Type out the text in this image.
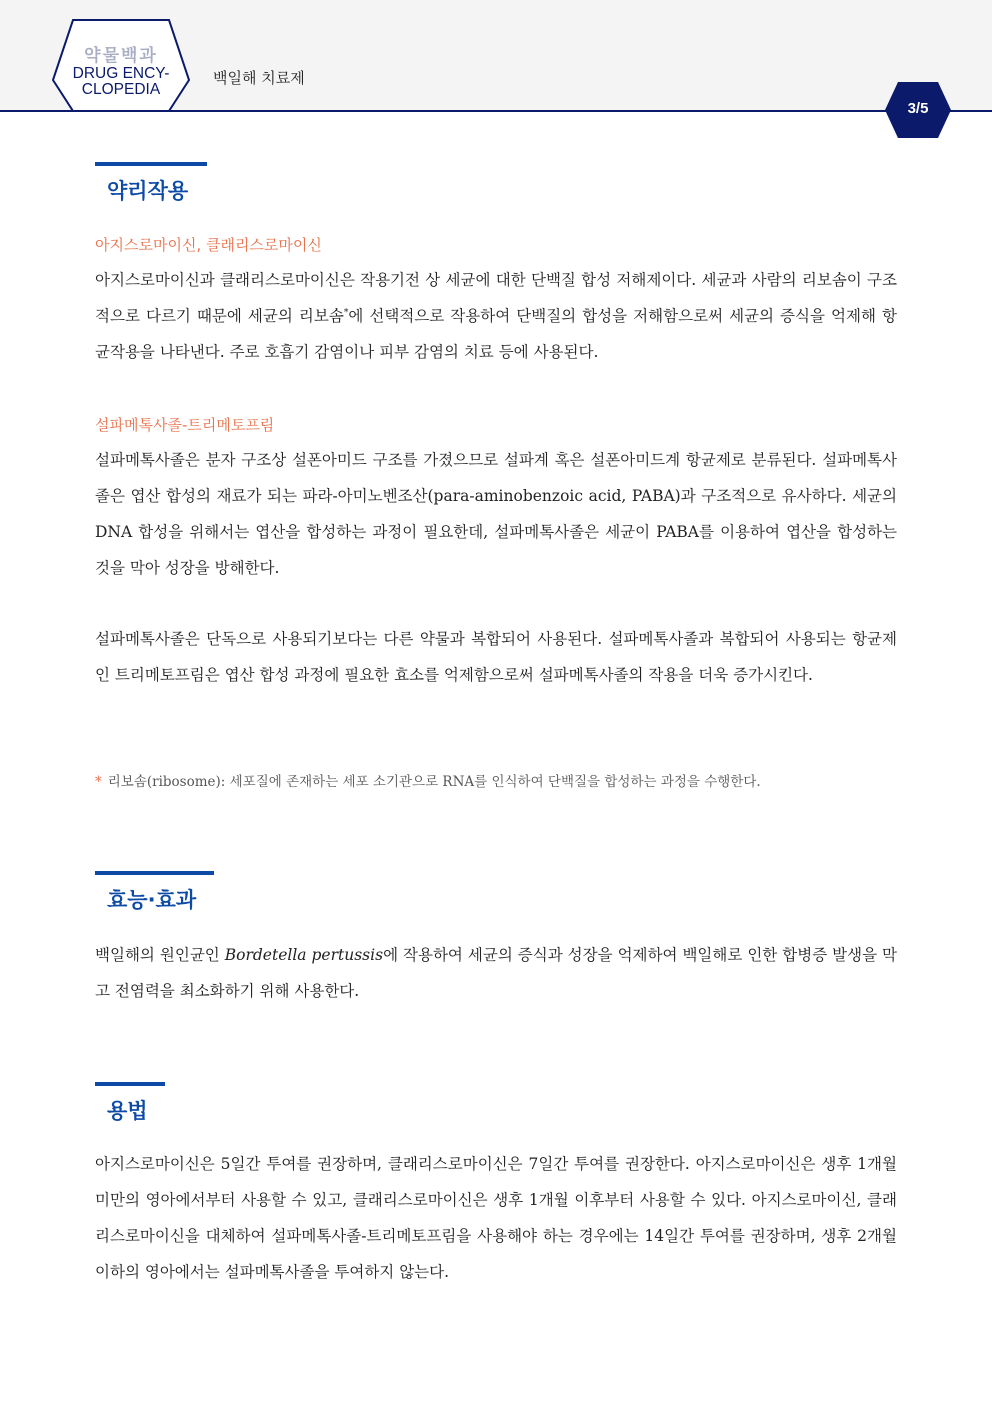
약물백과
DRUG ENCY-
CLOPEDIA
백일해 치료제
3/5
약리작용
아지스로마이신, 클래리스로마이신
아지스로마이신과 클래리스로마이신은 작용기전 상 세균에 대한 단백질 합성 저해제이다. 세균과 사람의 리보솜이 구조적으로 다르기 때문에 세균의 리보솜*에 선택적으로 작용하여 단백질의 합성을 저해함으로써 세균의 증식을 억제해 항균작용을 나타낸다. 주로 호흡기 감염이나 피부 감염의 치료 등에 사용된다.
설파메톡사졸-트리메토프림
설파메톡사졸은 분자 구조상 설폰아미드 구조를 가졌으므로 설파계 혹은 설폰아미드계 항균제로 분류된다. 설파메톡사졸은 엽산 합성의 재료가 되는 파라-아미노벤조산(para-aminobenzoic acid, PABA)과 구조적으로 유사하다. 세균의 DNA 합성을 위해서는 엽산을 합성하는 과정이 필요한데, 설파메톡사졸은 세균이 PABA를 이용하여 엽산을 합성하는 것을 막아 성장을 방해한다.
설파메톡사졸은 단독으로 사용되기보다는 다른 약물과 복합되어 사용된다. 설파메톡사졸과 복합되어 사용되는 항균제인 트리메토프림은 엽산 합성 과정에 필요한 효소를 억제함으로써 설파메톡사졸의 작용을 더욱 증가시킨다.
* 리보솜(ribosome): 세포질에 존재하는 세포 소기관으로 RNA를 인식하여 단백질을 합성하는 과정을 수행한다.
효능·효과
백일해의 원인균인 Bordetella pertussis에 작용하여 세균의 증식과 성장을 억제하여 백일해로 인한 합병증 발생을 막고 전염력을 최소화하기 위해 사용한다.
용법
아지스로마이신은 5일간 투여를 권장하며, 클래리스로마이신은 7일간 투여를 권장한다. 아지스로마이신은 생후 1개월 미만의 영아에서부터 사용할 수 있고, 클래리스로마이신은 생후 1개월 이후부터 사용할 수 있다. 아지스로마이신, 클래리스로마이신을 대체하여 설파메톡사졸-트리메토프림을 사용해야 하는 경우에는 14일간 투여를 권장하며, 생후 2개월 이하의 영아에서는 설파메톡사졸을 투여하지 않는다.
